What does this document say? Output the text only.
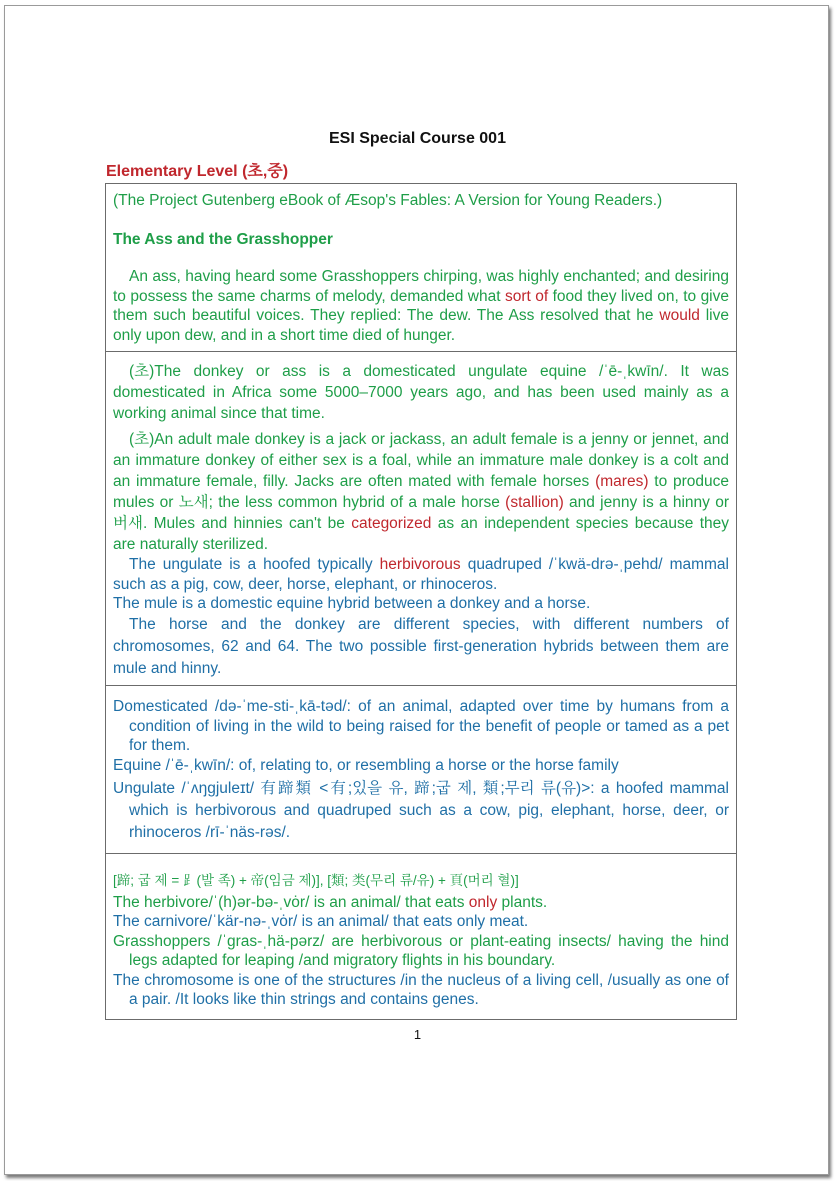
ESI Special Course 001
Elementary Level (초,중)

(The Project Gutenberg eBook of Æsop's Fables: A Version for Young Readers.)

The Ass and the Grasshopper

An ass, having heard some Grasshoppers chirping, was highly enchanted; and desiring to possess the same charms of melody, demanded what sort of food they lived on, to give them such beautiful voices. They replied: The dew. The Ass resolved that he would live only upon dew, and in a short time died of hunger.

(초)The donkey or ass is a domesticated ungulate equine /ˈē-ˌkwīn/. It was domesticated in Africa some 5000–7000 years ago, and has been used mainly as a working animal since that time.

(초)An adult male donkey is a jack or jackass, an adult female is a jenny or jennet, and an immature donkey of either sex is a foal, while an immature male donkey is a colt and an immature female, filly. Jacks are often mated with female horses (mares) to produce mules or 노새; the less common hybrid of a male horse (stallion) and jenny is a hinny or 버새. Mules and hinnies can't be categorized as an independent species because they are naturally sterilized.

The ungulate is a hoofed typically herbivorous quadruped /ˈkwä-drə-ˌpehd/ mammal such as a pig, cow, deer, horse, elephant, or rhinoceros.

The mule is a domestic equine hybrid between a donkey and a horse.

The horse and the donkey are different species, with different numbers of chromosomes, 62 and 64. The two possible first-generation hybrids between them are mule and hinny.

Domesticated /də-ˈme-sti-ˌkā-təd/: of an animal, adapted over time by humans from a condition of living in the wild to being raised for the benefit of people or tamed as a pet for them.

Equine /ˈē-ˌkwīn/: of, relating to, or resembling a horse or the horse family

Ungulate /ˈʌŋgjuleɪt/ 有蹄類 <有;있을 유, 蹄;굽 제, 類;무리 류(유)>: a hoofed mammal which is herbivorous and quadruped such as a cow, pig, elephant, horse, deer, or rhinoceros /rī-ˈnäs-rəs/.

[蹄; 굽 제 = ⻊(발 족) + 帝(임금 제)], [類; 类(무리 류/유) + 頁(머리 혈)]

The herbivore/ˈ(h)ər-bə-ˌvȯr/ is an animal/ that eats only plants.

The carnivore/ˈkär-nə-ˌvȯr/ is an animal/ that eats only meat.

Grasshoppers /ˈgras-ˌhä-pərz/ are herbivorous or plant-eating insects/ having the hind legs adapted for leaping /and migratory flights in his boundary.

The chromosome is one of the structures /in the nucleus of a living cell, /usually as one of a pair. /It looks like thin strings and contains genes.

1
